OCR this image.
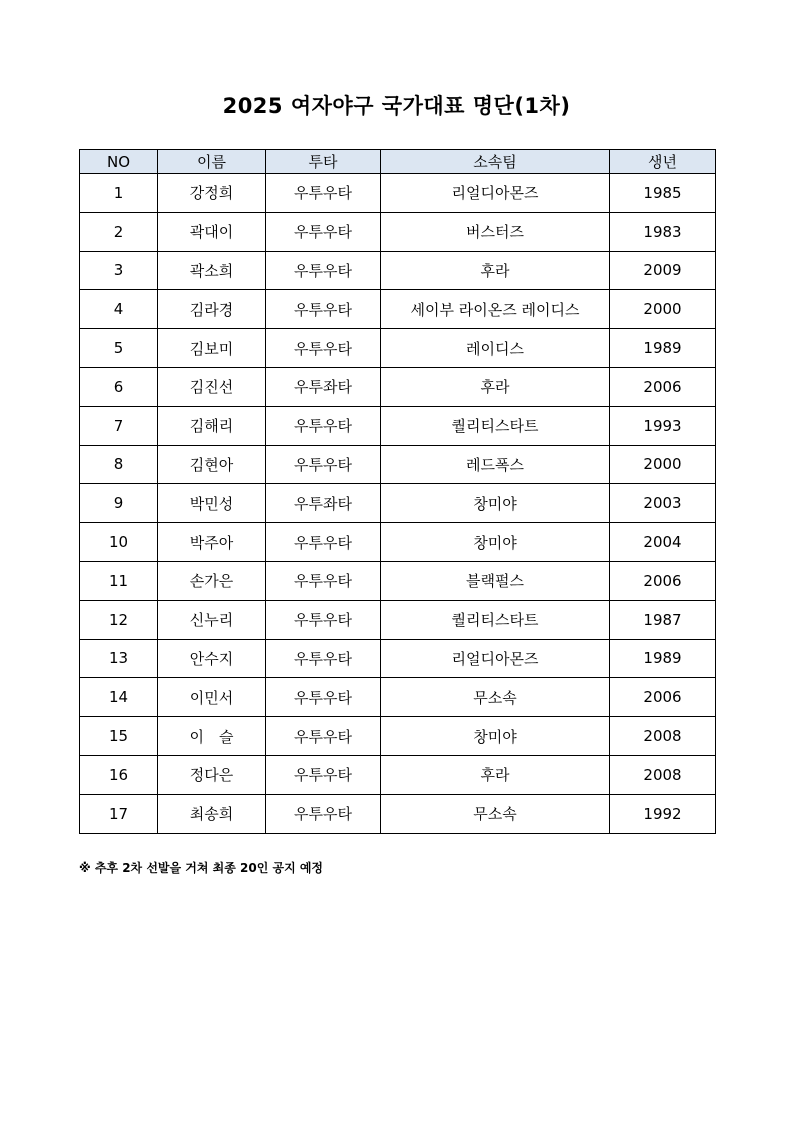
2025 여자야구 국가대표 명단(1차)
NO	이름	투타	소속팀	생년
1	강정희	우투우타	리얼디아몬즈	1985
2	곽대이	우투우타	버스터즈	1983
3	곽소희	우투우타	후라	2009
4	김라경	우투우타	세이부 라이온즈 레이디스	2000
5	김보미	우투우타	레이디스	1989
6	김진선	우투좌타	후라	2006
7	김해리	우투우타	퀄리티스타트	1993
8	김현아	우투우타	레드폭스	2000
9	박민성	우투좌타	창미야	2003
10	박주아	우투우타	창미야	2004
11	손가은	우투우타	블랙펄스	2006
12	신누리	우투우타	퀄리티스타트	1987
13	안수지	우투우타	리얼디아몬즈	1989
14	이민서	우투우타	무소속	2006
15	이　슬	우투우타	창미야	2008
16	정다은	우투우타	후라	2008
17	최송희	우투우타	무소속	1992
※ 추후 2차 선발을 거쳐 최종 20인 공지 예정
